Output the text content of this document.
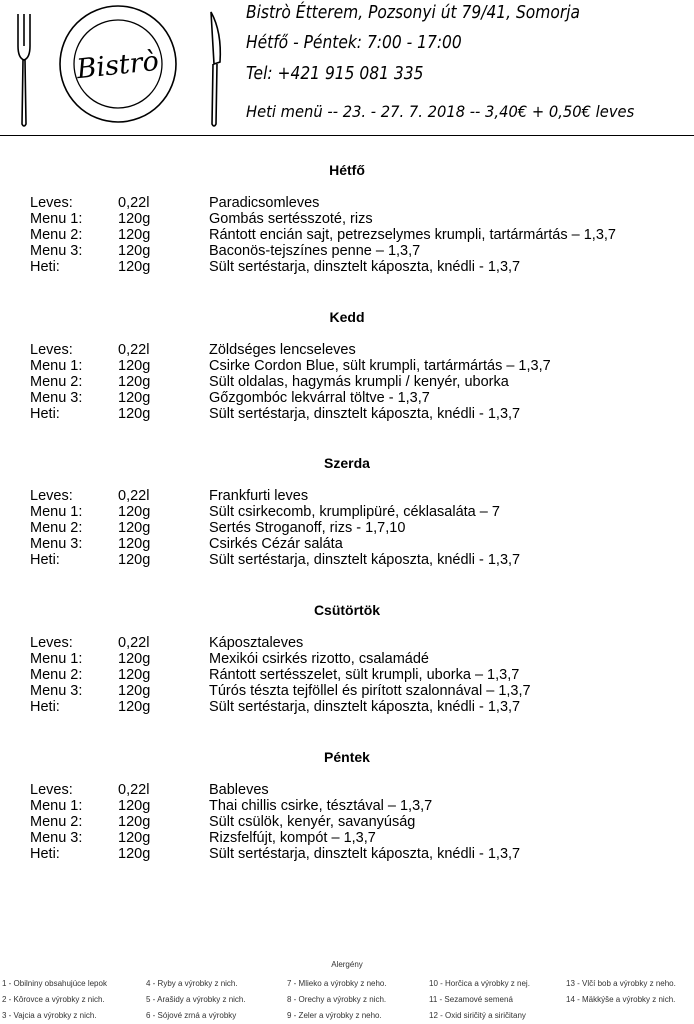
Bistrò
Bistrò Étterem, Pozsonyi út 79/41, Somorja
Hétfő - Péntek: 7:00 - 17:00
Tel: +421 915 081 335
Heti menü -- 23. - 27. 7. 2018 -- 3,40€ + 0,50€ leves
Hétfő
Leves:	0,22l	Paradicsomleves
Menu 1: 120g	Gombás sertésszoté, rizs
Menu 2: 120g	Rántott encián sajt, petrezselymes krumpli, tartármártás – 1,3,7
Menu 3: 120g	Baconös-tejszínes penne – 1,3,7
Heti:	120g	Sült sertéstarja, dinsztelt káposzta, knédli - 1,3,7
Kedd
Leves:	0,22l	Zöldséges lencseleves
Menu 1: 120g	Csirke Cordon Blue, sült krumpli, tartármártás – 1,3,7
Menu 2: 120g	Sült oldalas, hagymás krumpli / kenyér, uborka
Menu 3: 120g	Gőzgombóc lekvárral töltve - 1,3,7
Heti:	120g	Sült sertéstarja, dinsztelt káposzta, knédli - 1,3,7
Szerda
Leves:	0,22l	Frankfurti leves
Menu 1: 120g	Sült csirkecomb, krumplipüré, céklasaláta – 7
Menu 2: 120g	Sertés Stroganoff, rizs - 1,7,10
Menu 3: 120g	Csirkés Cézár saláta
Heti:	120g	Sült sertéstarja, dinsztelt káposzta, knédli - 1,3,7
Csütörtök
Leves:	0,22l	Káposztaleves
Menu 1: 120g	Mexikói csirkés rizotto, csalamádé
Menu 2: 120g	Rántott sertésszelet, sült krumpli, uborka – 1,3,7
Menu 3: 120g	Túrós tészta tejföllel és pirított szalonnával – 1,3,7
Heti:	120g	Sült sertéstarja, dinsztelt káposzta, knédli - 1,3,7
Péntek
Leves:	0,22l	Bableves
Menu 1: 120g	Thai chillis csirke, tésztával – 1,3,7
Menu 2: 120g	Sült csülök, kenyér, savanyúság
Menu 3: 120g	Rizsfelfújt, kompót – 1,3,7
Heti:	120g	Sült sertéstarja, dinsztelt káposzta, knédli - 1,3,7
Alergény
1 - Obilniny obsahujúce lepok
2 - Kôrovce a výrobky z nich.
3 - Vajcia a výrobky z nich.
4 - Ryby a výrobky z nich.
5 - Arašidy a výrobky z nich.
6 - Sójové zrná a výrobky
7 - Mlieko a výrobky z neho.
8 - Orechy a výrobky z nich.
9 - Zeler a výrobky z neho.
10 - Horčica a výrobky z nej.
11 - Sezamové semená
12 - Oxid siričitý a siričitany
13 - Vlčí bob a výrobky z neho.
14 - Mäkkýše a výrobky z nich.
